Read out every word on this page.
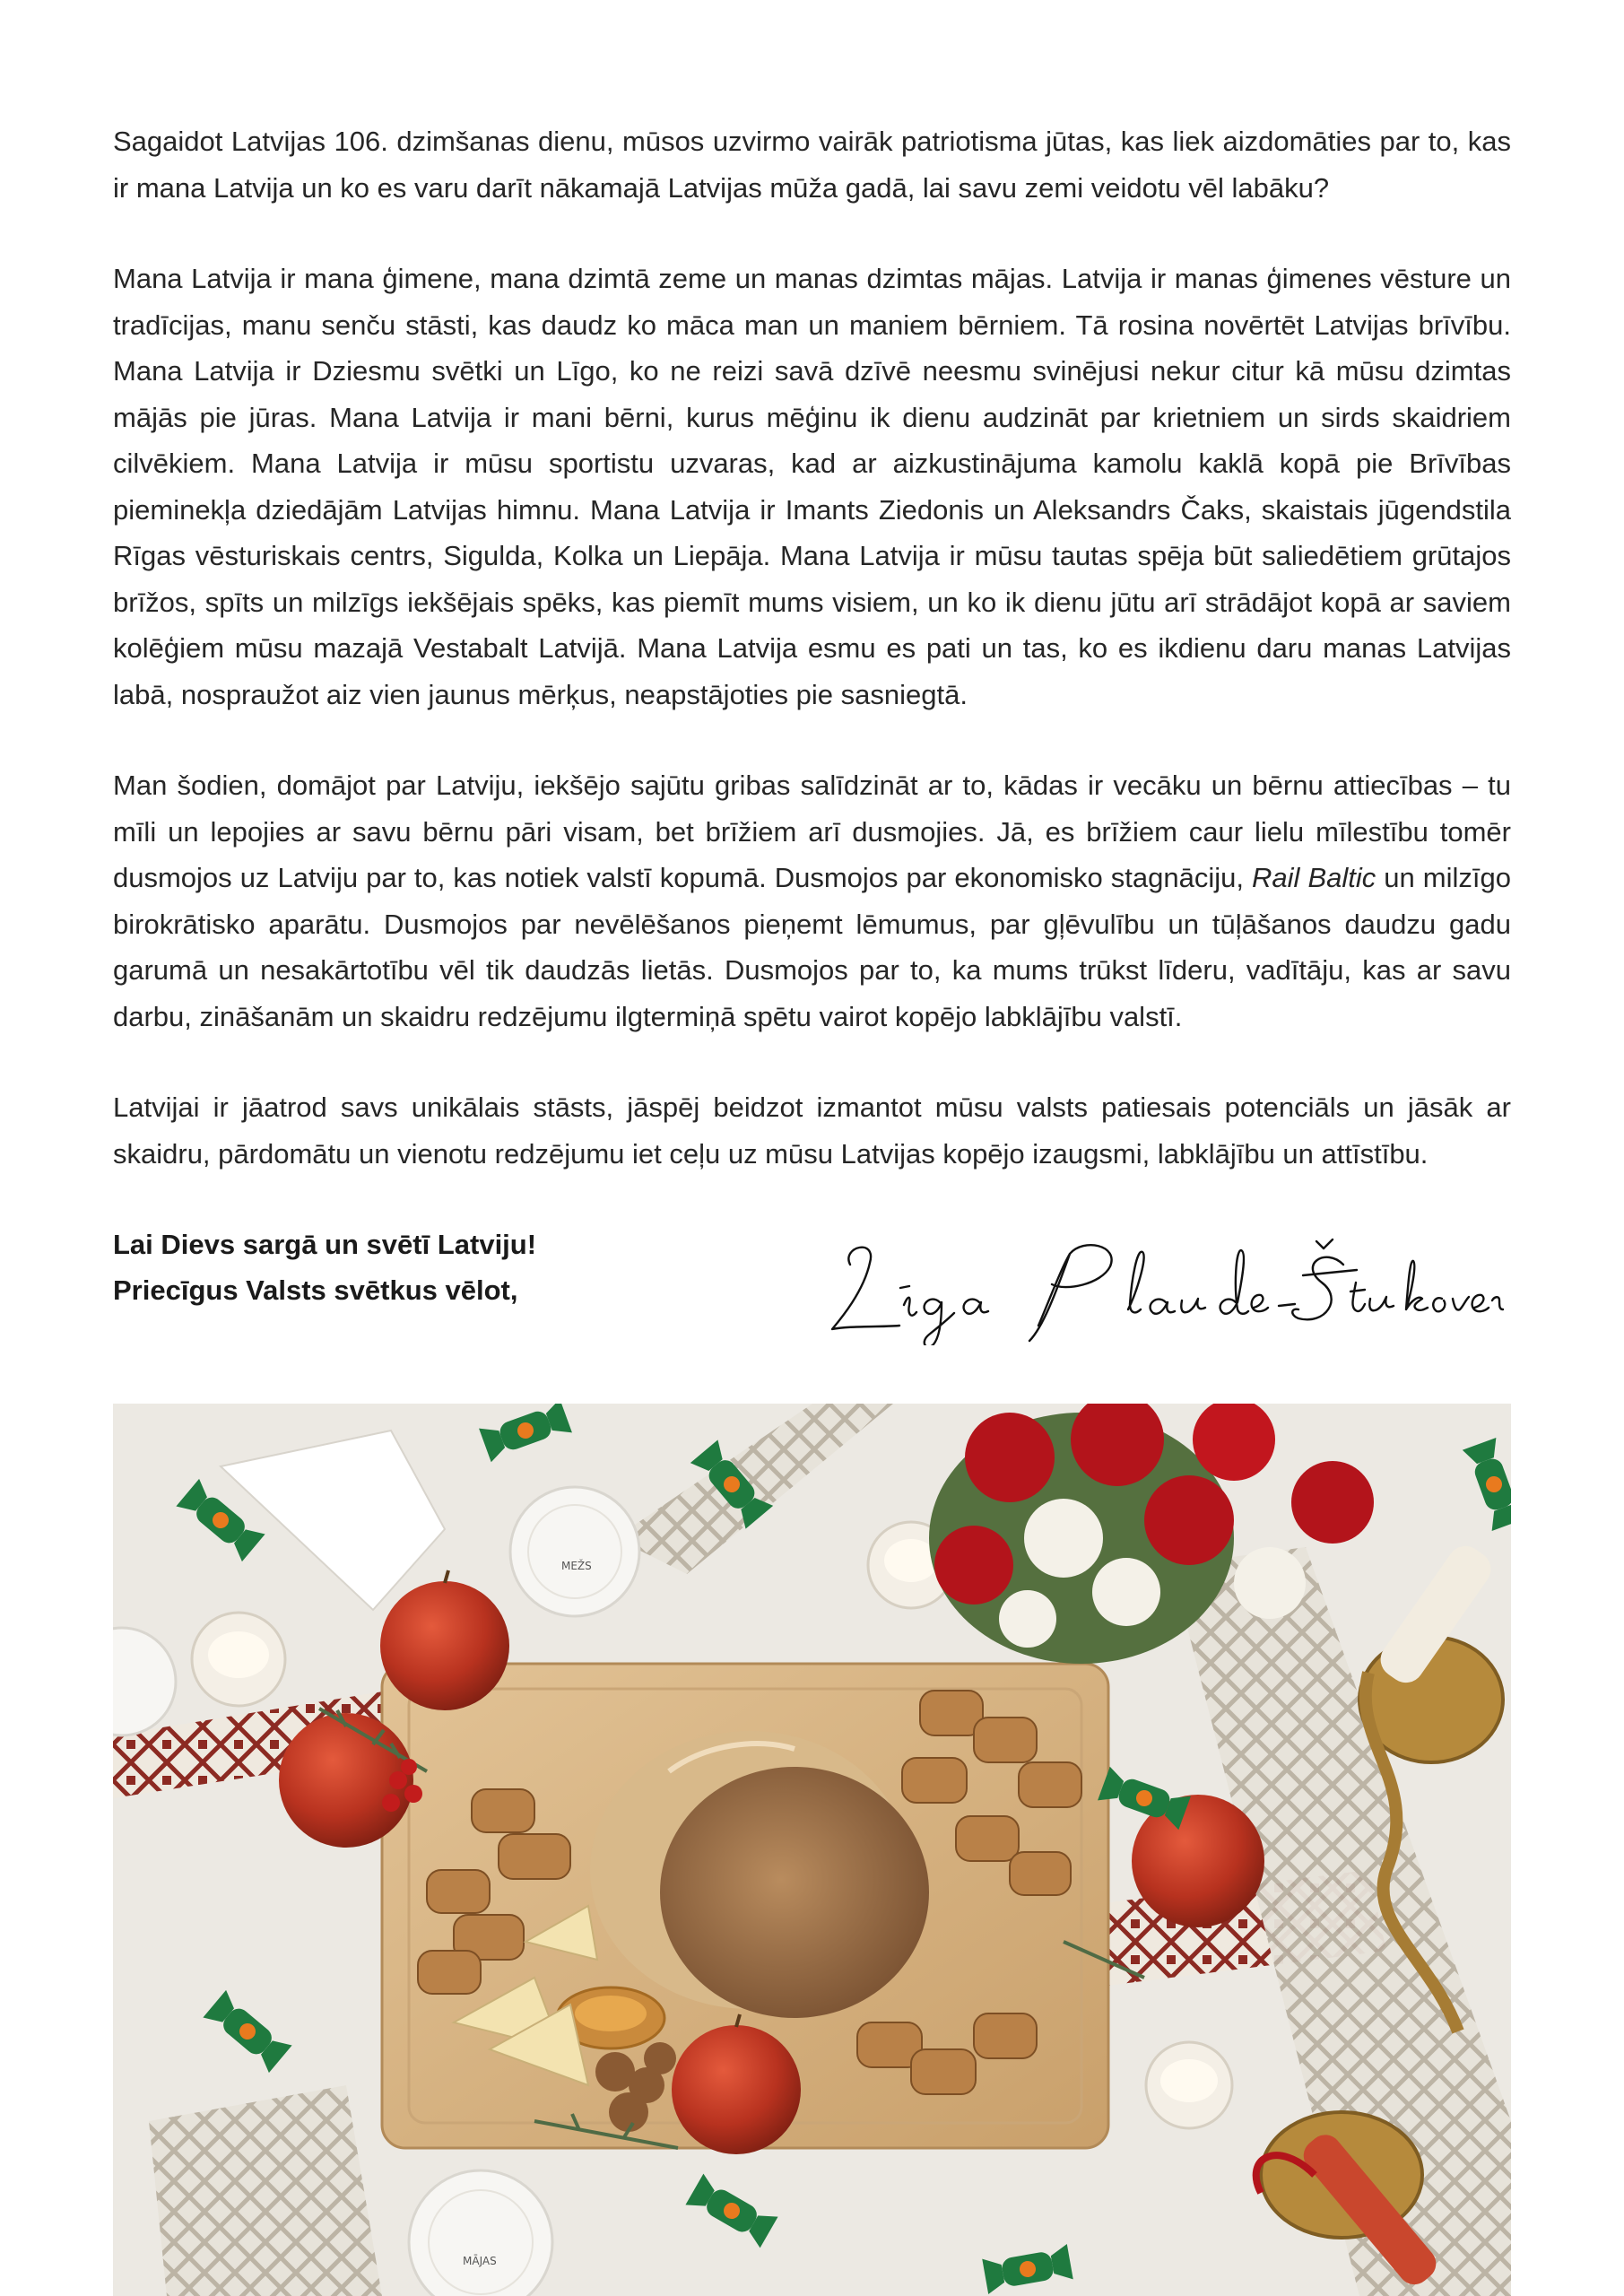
Sagaidot Latvijas 106. dzimšanas dienu, mūsos uzvirmo vairāk patriotisma jūtas, kas liek aizdomāties par to, kas ir mana Latvija un ko es varu darīt nākamajā Latvijas mūža gadā, lai savu zemi veidotu vēl labāku?

Mana Latvija ir mana ģimene, mana dzimtā zeme un manas dzimtas mājas. Latvija ir manas ģimenes vēsture un tradīcijas, manu senču stāsti, kas daudz ko māca man un maniem bērniem. Tā rosina novērtēt Latvijas brīvību. Mana Latvija ir Dziesmu svētki un Līgo, ko ne reizi savā dzīvē neesmu svinējusi nekur citur kā mūsu dzimtas mājās pie jūras. Mana Latvija ir mani bērni, kurus mēģinu ik dienu audzināt par krietniem un sirds skaidriem cilvēkiem. Mana Latvija ir mūsu sportistu uzvaras, kad ar aizkustinājuma kamolu kaklā kopā pie Brīvības pieminekļa dziedājām Latvijas himnu. Mana Latvija ir Imants Ziedonis un Aleksandrs Čaks, skaistais jūgendstila Rīgas vēsturiskais centrs, Sigulda, Kolka un Liepāja. Mana Latvija ir mūsu tautas spēja būt saliedētiem grūtajos brīžos, spīts un milzīgs iekšējais spēks, kas piemīt mums visiem, un ko ik dienu jūtu arī strādājot kopā ar saviem kolēģiem mūsu mazajā Vestabalt Latvijā. Mana Latvija esmu es pati un tas, ko es ikdienu daru manas Latvijas labā, nospraužot aiz vien jaunus mērķus, neapstājoties pie sasniegtā.

Man šodien, domājot par Latviju, iekšējo sajūtu gribas salīdzināt ar to, kādas ir vecāku un bērnu attiecības – tu mīli un lepojies ar savu bērnu pāri visam, bet brīžiem arī dusmojies. Jā, es brīžiem caur lielu mīlestību tomēr dusmojos uz Latviju par to, kas notiek valstī kopumā. Dusmojos par ekonomisko stagnāciju, Rail Baltic un milzīgo birokrātisko aparātu. Dusmojos par nevēlēšanos pieņemt lēmumus, par gļēvulību un tūļāšanos daudzu gadu garumā un nesakārtotību vēl tik daudzās lietās. Dusmojos par to, ka mums trūkst līderu, vadītāju, kas ar savu darbu, zināšanām un skaidru redzējumu ilgtermiņā spētu vairot kopējo labklājību valstī.

Latvijai ir jāatrod savs unikālais stāsts, jāspēj beidzot izmantot mūsu valsts patiesais potenciāls un jāsāk ar skaidru, pārdomātu un vienotu redzējumu iet ceļu uz mūsu Latvijas kopējo izaugsmi, labklājību un attīstību.

Lai Dievs sargā un svētī Latviju!
Priecīgus Valsts svētkus vēlot,
MEŽS
MĀJAS
